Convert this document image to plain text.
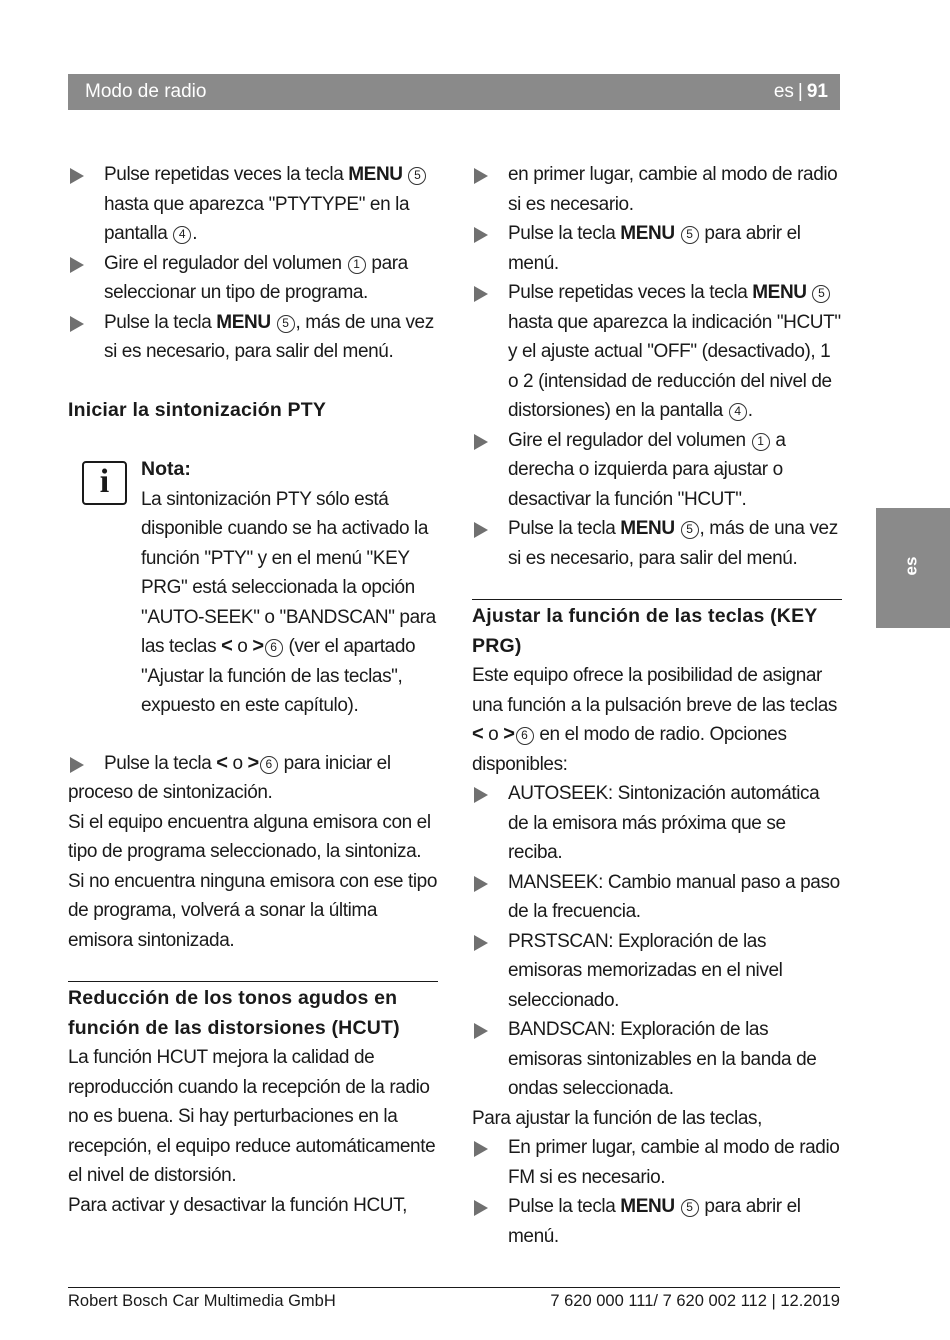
Modo de radio	es | 91
es
Pulse repetidas veces la tecla MENU 5 hasta que aparezca "PTYTYPE" en la pantalla 4 .
Gire el regulador del volumen 1 para seleccionar un tipo de programa.
Pulse la tecla MENU 5 , más de una vez si es necesario, para salir del menú.
Iniciar la sintonización PTY
i	Nota:
La sintonización PTY sólo está disponible cuando se ha activado la función "PTY" y en el menú "KEY PRG" está seleccionada la opción "AUTO-SEEK" o "BANDSCAN" para las teclas < o > 6 (ver el apartado "Ajustar la función de las teclas", expuesto en este capítulo).
Pulse la tecla < o > 6 para iniciar el proceso de sintonización.
Si el equipo encuentra alguna emisora con el tipo de programa seleccionado, la sintoniza.
Si no encuentra ninguna emisora con ese tipo de programa, volverá a sonar la última emisora sintonizada.
Reducción de los tonos agudos en función de las distorsiones (HCUT)
La función HCUT mejora la calidad de reproducción cuando la recepción de la radio no es buena. Si hay perturbaciones en la recepción, el equipo reduce automáticamente el nivel de distorsión.
Para activar y desactivar la función HCUT,
en primer lugar, cambie al modo de radio si es necesario.
Pulse la tecla MENU 5 para abrir el menú.
Pulse repetidas veces la tecla MENU 5 hasta que aparezca la indicación "HCUT" y el ajuste actual "OFF" (desactivado), 1 o 2 (intensidad de reducción del nivel de distorsiones) en la pantalla 4 .
Gire el regulador del volumen 1 a derecha o izquierda para ajustar o desactivar la función "HCUT".
Pulse la tecla MENU 5 , más de una vez si es necesario, para salir del menú.
Ajustar la función de las teclas (KEY PRG)
Este equipo ofrece la posibilidad de asignar una función a la pulsación breve de las teclas < o > 6 en el modo de radio. Opciones disponibles:
AUTOSEEK: Sintonización automática de la emisora más próxima que se reciba.
MANSEEK: Cambio manual paso a paso de la frecuencia.
PRSTSCAN: Exploración de las emisoras memorizadas en el nivel seleccionado.
BANDSCAN: Exploración de las emisoras sintonizables en la banda de ondas seleccionada.
Para ajustar la función de las teclas,
En primer lugar, cambie al modo de radio FM si es necesario.
Pulse la tecla MENU 5 para abrir el menú.
Robert Bosch Car Multimedia GmbH	7 620 000 111/ 7 620 002 112 | 12.2019
